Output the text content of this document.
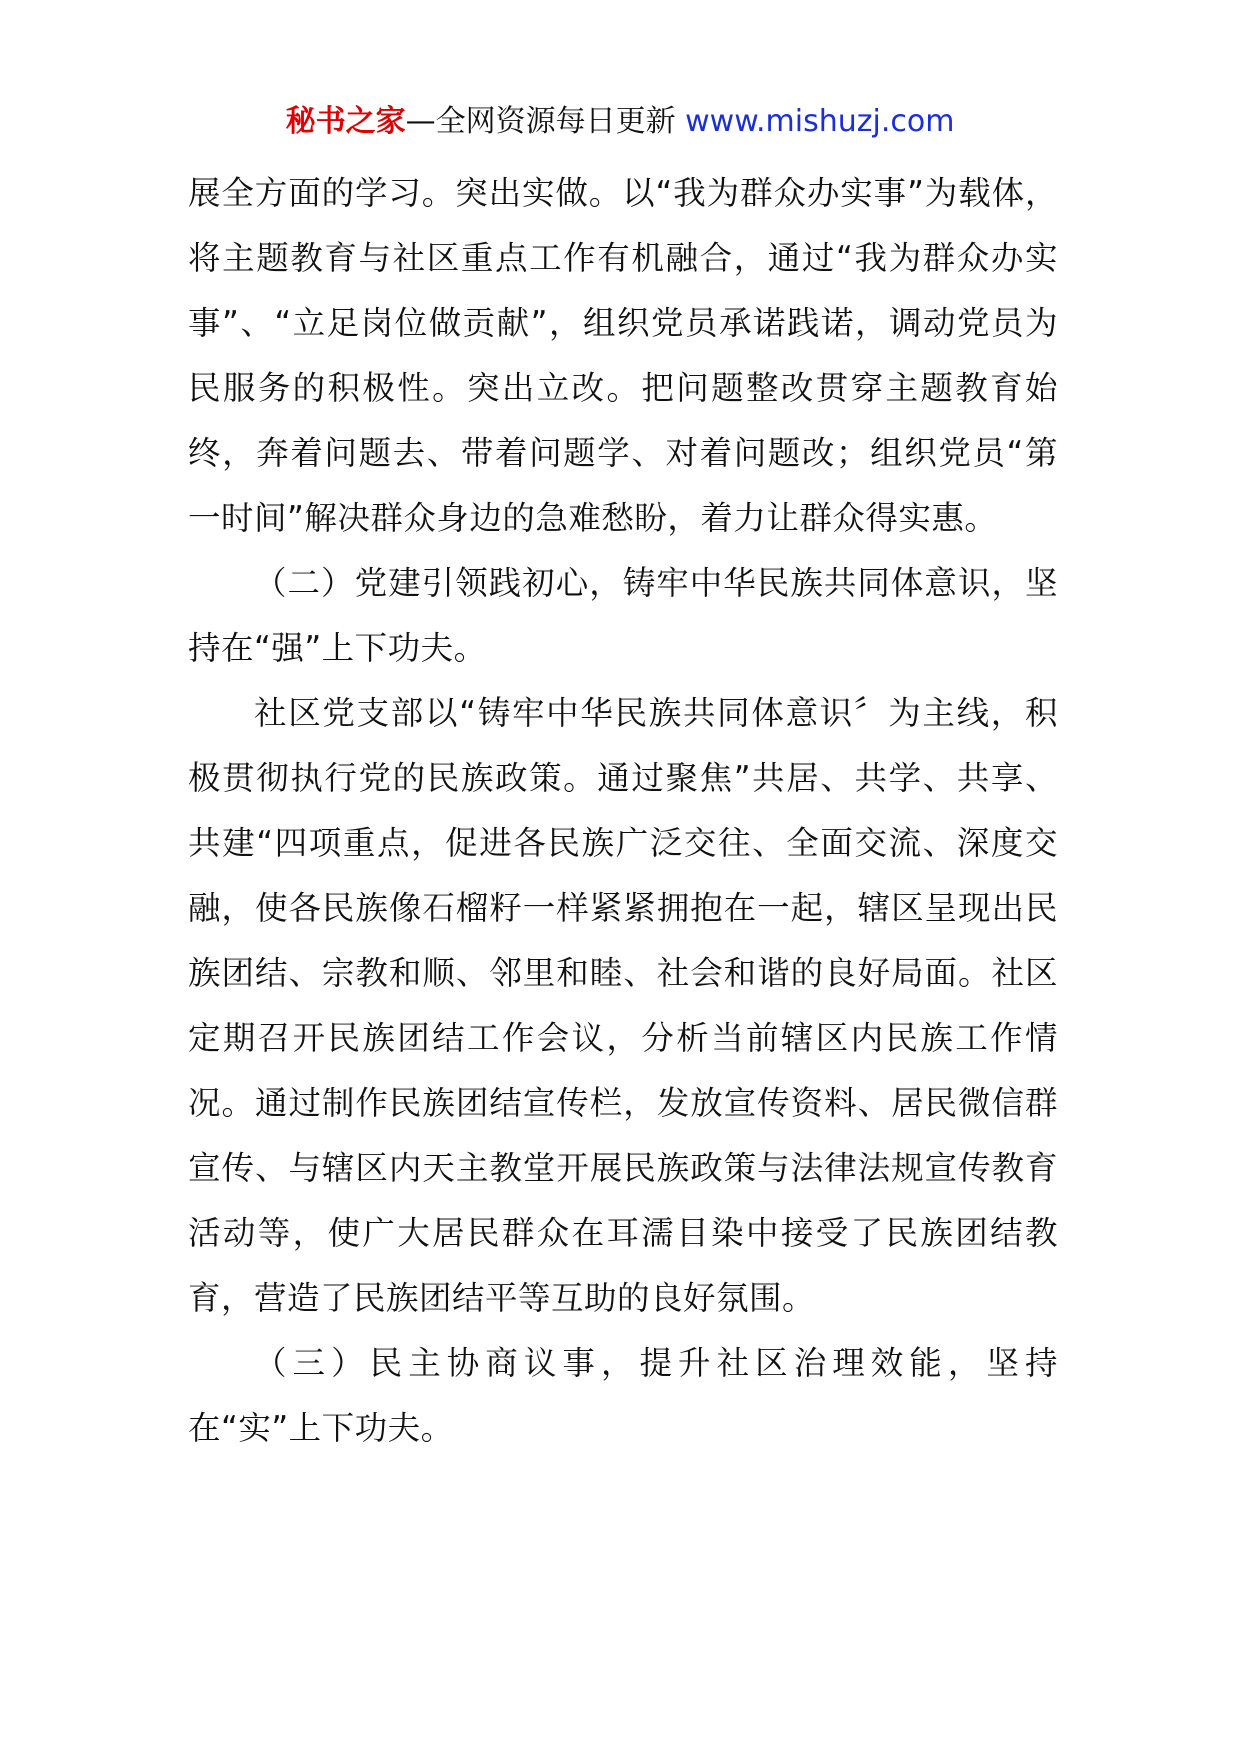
秘书之家—全网资源每日更新 www.mishuzj.com

展全方面的学习。突出实做。以“我为群众办实事”为载体，将主题教育与社区重点工作有机融合，通过“我为群众办实事”、“立足岗位做贡献”，组织党员承诺践诺，调动党员为民服务的积极性。突出立改。把问题整改贯穿主题教育始终，奔着问题去、带着问题学、对着问题改；组织党员“第一时间”解决群众身边的急难愁盼，着力让群众得实惠。

（二）党建引领践初心，铸牢中华民族共同体意识，坚持在“强”上下功夫。

社区党支部以“铸牢中华民族共同体意识〞为主线，积极贯彻执行党的民族政策。通过聚焦”共居、共学、共享、共建“四项重点，促进各民族广泛交往、全面交流、深度交融，使各民族像石榴籽一样紧紧拥抱在一起，辖区呈现出民族团结、宗教和顺、邻里和睦、社会和谐的良好局面。社区定期召开民族团结工作会议，分析当前辖区内民族工作情况。通过制作民族团结宣传栏，发放宣传资料、居民微信群宣传、与辖区内天主教堂开展民族政策与法律法规宣传教育活动等，使广大居民群众在耳濡目染中接受了民族团结教育，营造了民族团结平等互助的良好氛围。

（三）民主协商议事，提升社区治理效能，坚持在“实”上下功夫。
